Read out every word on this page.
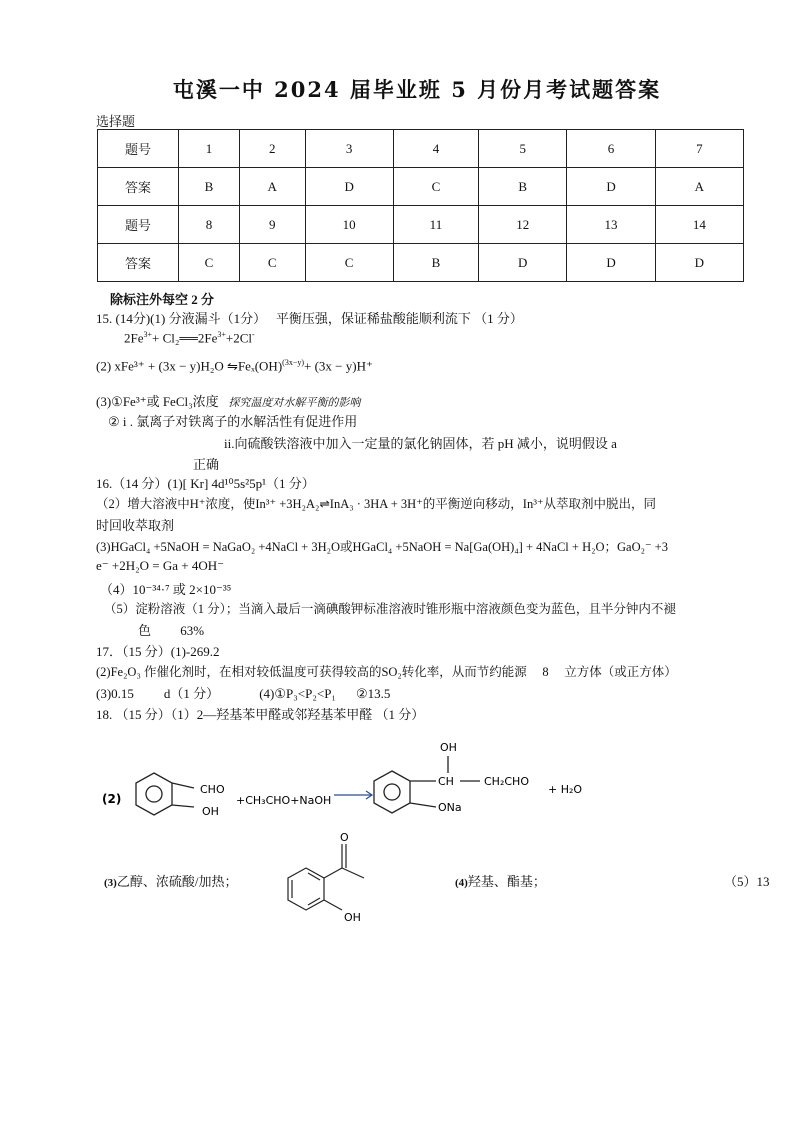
屯溪一中 2024 届毕业班 5 月份月考试题答案
选择题
题号	1	2	3	4	5	6	7
答案	B	A	D	C	B	D	A
题号	8	9	10	11	12	13	14
答案	C	C	C	B	D	D	D
除标注外每空 2 分
15. (14分)(1) 分液漏斗（1分）　 平衡压强，保证稀盐酸能顺利流下 （1 分）
$2Fe^{3+}+$ $Cl_2══2Fe^{3+}+2Cl^-$
(2) xFe³⁺ + (3x − y)H₂O ⇋Feₓ(OH)$^{(3x-y)}$+ (3x − y)H⁺
(3)①Fe³⁺或 FeCl₃浓度 探究温度对水解平衡的影响
② i . 氯离子对铁离子的水解活性有促进作用
ii.向硫酸铁溶液中加入一定量的氯化钠固体，若 pH 减小，说明假设 a
正确
16.（14 分）(1)[ Kr] 4d¹⁰5s²5p¹（1 分）
（2）增大溶液中H⁺浓度，使In³⁺ +3H₂A₂⇌InA₃ · 3HA + 3H⁺的平衡逆向移动，In³⁺从萃取剂中脱出，同
时回收萃取剂
(3)HGaCl₄ +5NaOH = NaGaO₂ +4NaCl + 3H₂O或HGaCl₄ +5NaOH = Na[Ga(OH)₄] + 4NaCl + H₂O；GaO₂⁻ +3
e⁻ +2H₂O = Ga + 4OH⁻
（4）10⁻³⁴·⁷ 或 2×10⁻³⁵
（5）淀粉溶液（1 分）；当滴入最后一滴碘酸钾标准溶液时锥形瓶中溶液颜色变为蓝色，且半分钟内不褪
色 63%
17．（15 分）(1)-269.2
(2)Fe₂O₃ 作催化剂时，在相对较低温度可获得较高的SO₂转化率，从而节约能源　 8　 立方体（或正方体）
(3)0.15 d（1 分）	(4)①P₃<P₂<P₁ ②13.5
18. （15 分）（1）2—羟基苯甲醛或邻羟基苯甲醛 （1 分）
(2)
CHO
OH
+CH₃CHO+NaOH
OH
CH	CH₂CHO
ONa
+ H₂O
(3)乙醇、浓硫酸/加热；
O
OH
(4)羟基、酯基；	（5）13
